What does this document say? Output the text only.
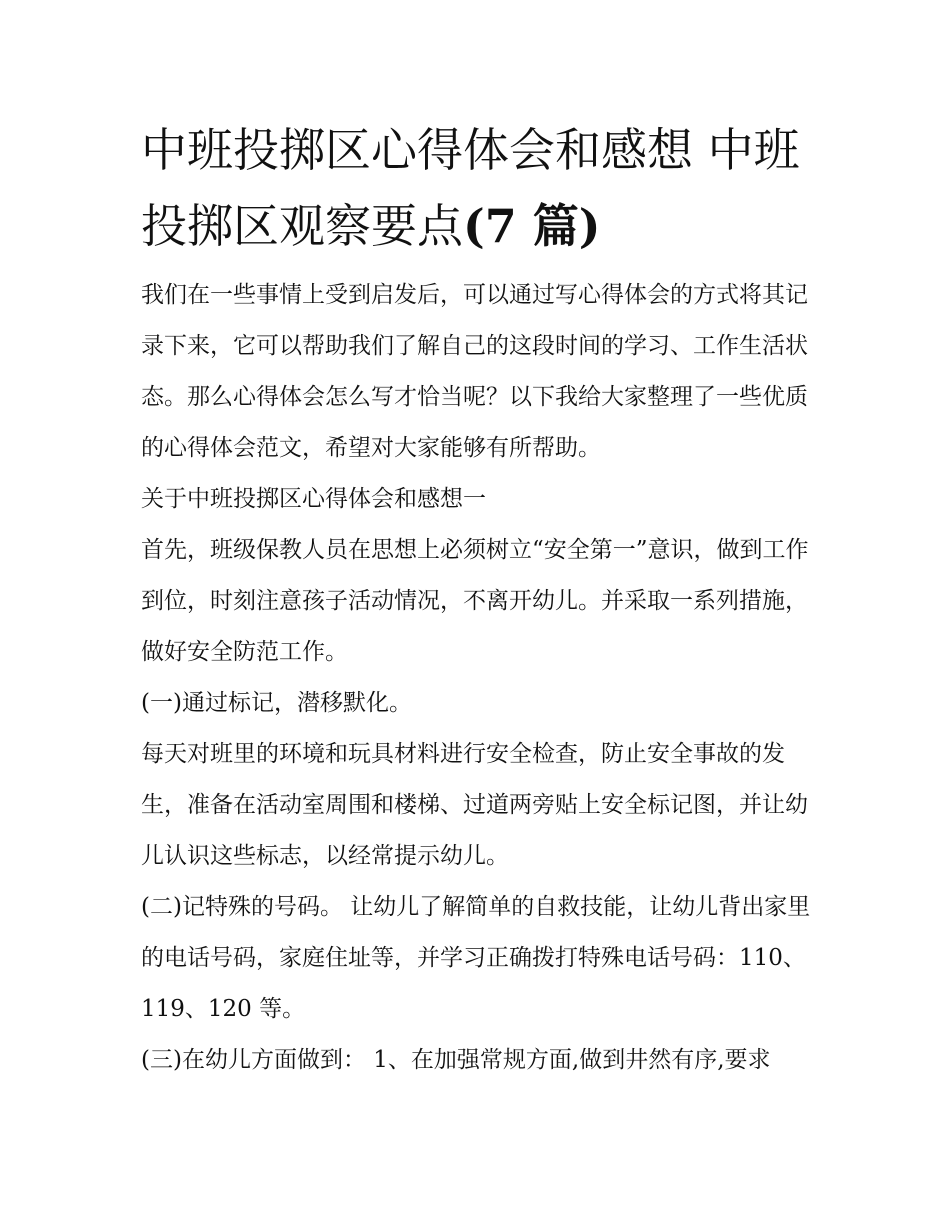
中班投掷区心得体会和感想 中班投掷区观察要点(7 篇)

我们在一些事情上受到启发后，可以通过写心得体会的方式将其记录下来，它可以帮助我们了解自己的这段时间的学习、工作生活状态。那么心得体会怎么写才恰当呢？以下我给大家整理了一些优质的心得体会范文，希望对大家能够有所帮助。

关于中班投掷区心得体会和感想一

首先，班级保教人员在思想上必须树立“安全第一”意识，做到工作到位，时刻注意孩子活动情况，不离开幼儿。并采取一系列措施，做好安全防范工作。

(一)通过标记，潜移默化。

每天对班里的环境和玩具材料进行安全检查，防止安全事故的发生，准备在活动室周围和楼梯、过道两旁贴上安全标记图，并让幼儿认识这些标志，以经常提示幼儿。

(二)记特殊的号码。 让幼儿了解简单的自救技能，让幼儿背出家里的电话号码，家庭住址等，并学习正确拨打特殊电话号码：110、119、120 等。

(三)在幼儿方面做到： 1、在加强常规方面,做到井然有序,要求
